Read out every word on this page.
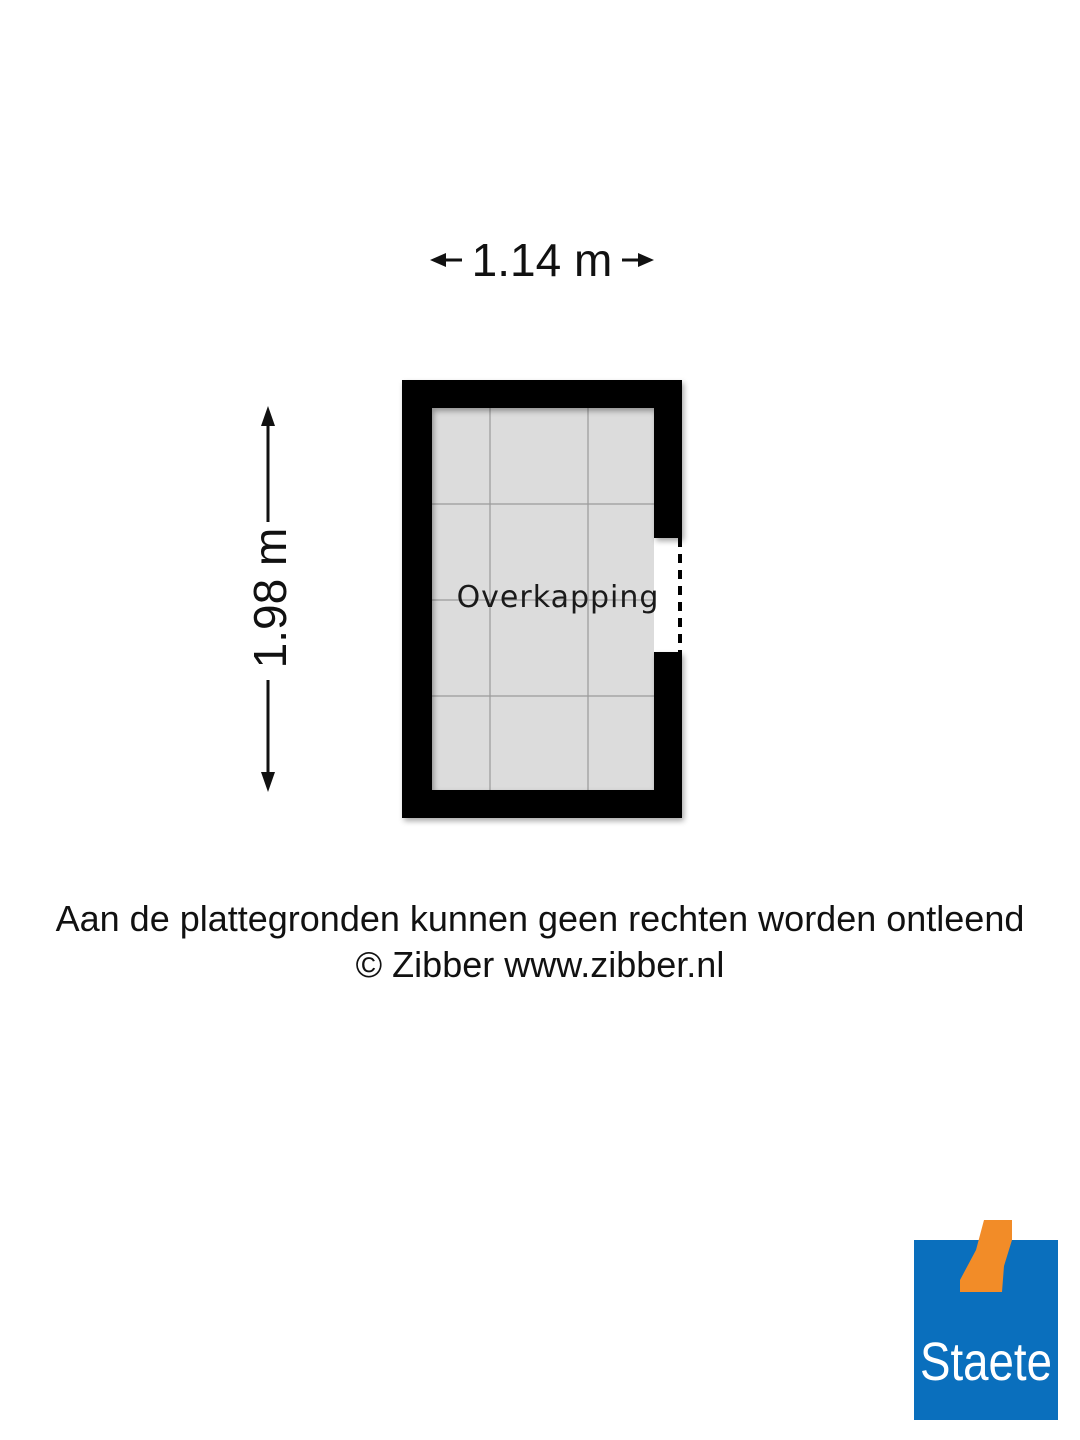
1.14 m
1.98 m	Overkapping

Aan de plattegronden kunnen geen rechten worden ontleend

© Zibber www.zibber.nl

Staete
